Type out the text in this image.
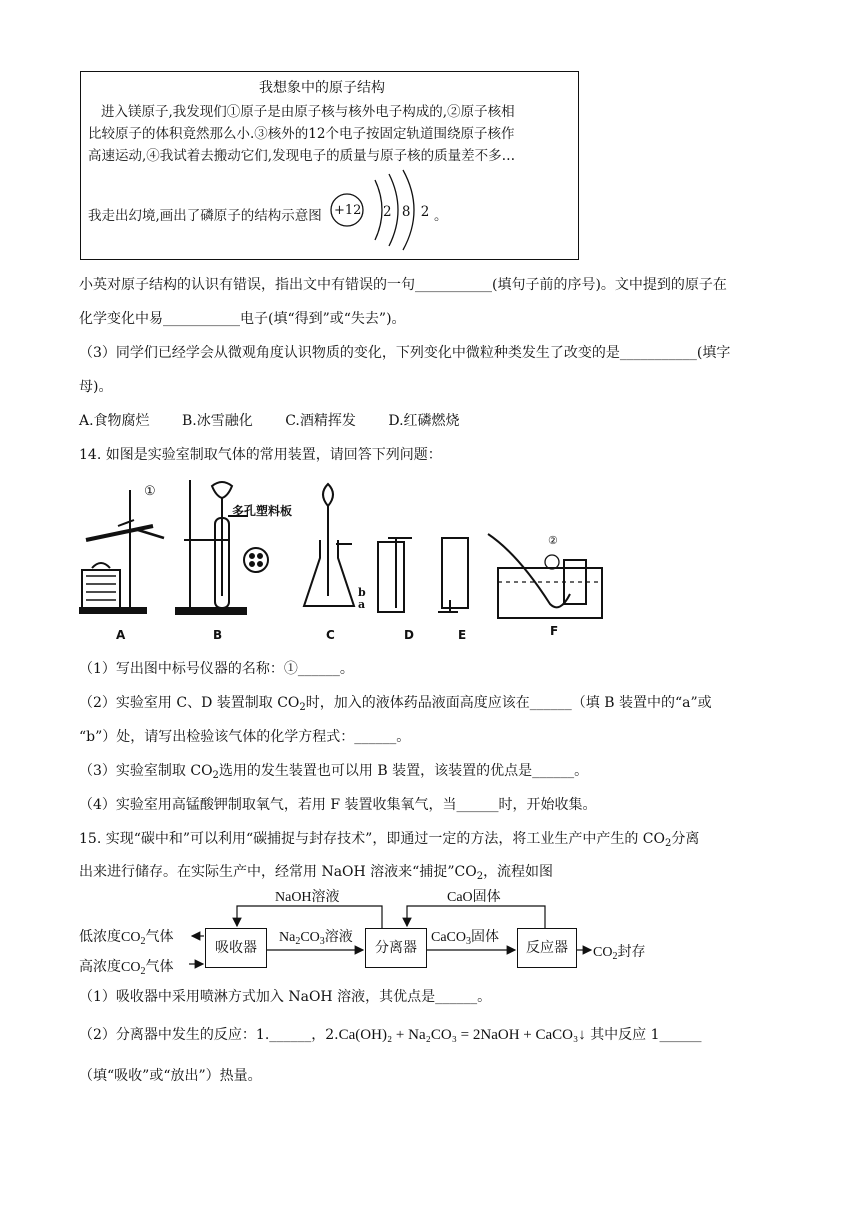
我想象中的原子结构
进入镁原子,我发现们①原子是由原子核与核外电子构成的,②原子核相
比较原子的体积竟然那么小.③核外的12个电子按固定轨道围绕原子核作
高速运动,④我试着去搬动它们,发现电子的质量与原子核的质量差不多…
我走出幻境,画出了磷原子的结构示意图 +12 2 8 2 。
小英对原子结构的认识有错误，指出文中有错误的一句___________(填句子前的序号)。文中提到的原子在
化学变化中易___________电子(填“得到”或“失去”)。
（3）同学们已经学会从微观角度认识物质的变化，下列变化中微粒种类发生了改变的是___________(填字
母)。
A.食物腐烂 B.冰雪融化 C.酒精挥发 D.红磷燃烧
14. 如图是实验室制取气体的常用装置，请回答下列问题：
①
②
多孔塑料板
b
a
A	B	C	D	E	F
（1）写出图中标号仪器的名称：①______。
（2）实验室用 C、D 装置制取 $CO_2$时，加入的液体药品液面高度应该在______（填 B 装置中的“a”或
“b”）处，请写出检验该气体的化学方程式：______。
（3）实验室制取 $CO_2$选用的发生装置也可以用 B 装置，该装置的优点是______。
（4）实验室用高锰酸钾制取氧气，若用 F 装置收集氧气，当______时，开始收集。
15. 实现“碳中和”可以利用“碳捕捉与封存技术”，即通过一定的方法，将工业生产中产生的 $CO_2$分离
出来进行储存。在实际生产中，经常用 NaOH 溶液来“捕捉$”CO_2$，流程如图
NaOH溶液	CaO固体
低浓度$CO_2$气体
高浓度$CO_2$气体
吸收器
$Na_2CO_3$溶液
分离器
CaCO$_3$固体
反应器	$CO_2$封存
（1）吸收器中采用喷淋方式加入 NaOH 溶液，其优点是______。
（2）分离器中发生的反应：1.______，2.Ca(OH)₂ + Na₂CO₃ = 2NaOH + CaCO₃↓ 其中反应 1______
（填“吸收”或“放出”）热量。
